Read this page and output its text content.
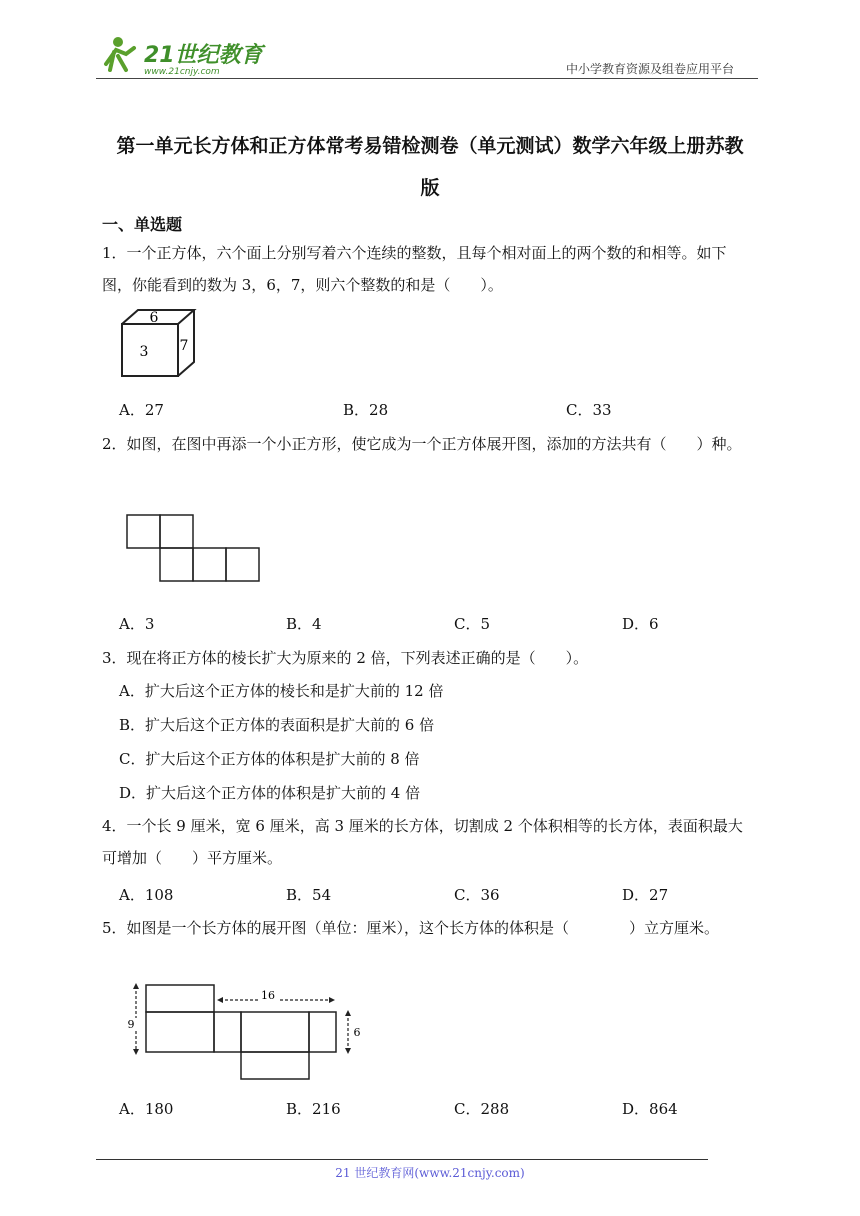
21世纪教育
www.21cnjy.com	中小学教育资源及组卷应用平台
第一单元长方体和正方体常考易错检测卷（单元测试）数学六年级上册苏教
版
一、单选题
1．一个正方体，六个面上分别写着六个连续的整数，且每个相对面上的两个数的和相等。如下
图，你能看到的数为 3，6，7，则六个整数的和是（　　）。
6
3 7
A．27	B．28	C．33
2．如图，在图中再添一个小正方形，使它成为一个正方体展开图，添加的方法共有（　　）种。
A．3	B．4	C．5	D．6
3．现在将正方体的棱长扩大为原来的 2 倍，下列表述正确的是（　　）。
A．扩大后这个正方体的棱长和是扩大前的 12 倍
B．扩大后这个正方体的表面积是扩大前的 6 倍
C．扩大后这个正方体的体积是扩大前的 8 倍
D．扩大后这个正方体的体积是扩大前的 4 倍
4．一个长 9 厘米，宽 6 厘米，高 3 厘米的长方体，切割成 2 个体积相等的长方体，表面积最大
可增加（　　）平方厘米。
A．108	B．54	C．36	D．27
5．如图是一个长方体的展开图（单位：厘米），这个长方体的体积是（　　　　）立方厘米。
16
9
6
A．180	B．216	C．288	D．864
21 世纪教育网(www.21cnjy.com)
